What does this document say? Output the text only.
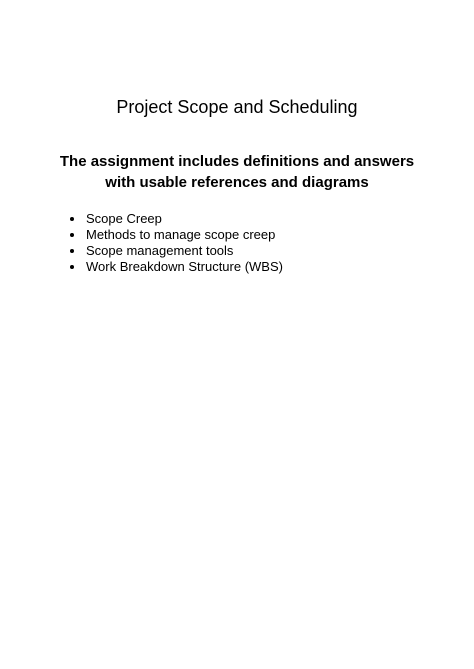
Project Scope and Scheduling

The assignment includes definitions and answers
with usable references and diagrams

Scope Creep
Methods to manage scope creep
Scope management tools
Work Breakdown Structure (WBS)
